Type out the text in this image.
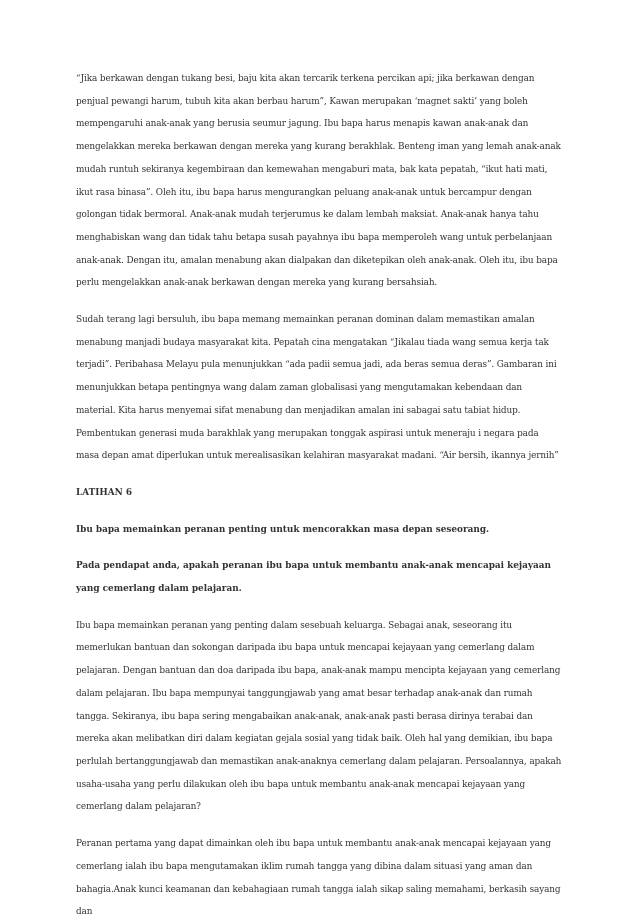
“Jika berkawan dengan tukang besi, baju kita akan tercarik terkena percikan api; jika berkawan dengan penjual pewangi harum, tubuh kita akan berbau harum”, Kawan merupakan ‘magnet sakti’ yang boleh mempengaruhi anak-anak yang berusia seumur jagung. Ibu bapa harus menapis kawan anak-anak dan mengelakkan mereka berkawan dengan mereka yang kurang berakhlak. Benteng iman yang lemah anak-anak mudah runtuh sekiranya kegembiraan dan kemewahan mengaburi mata, bak kata pepatah, “ikut hati mati, ikut rasa binasa”. Oleh itu, ibu bapa harus mengurangkan peluang anak-anak untuk bercampur dengan golongan tidak bermoral. Anak-anak mudah terjerumus ke dalam lembah maksiat. Anak-anak hanya tahu menghabiskan wang dan tidak tahu betapa susah payahnya ibu bapa memperoleh wang untuk perbelanjaan anak-anak. Dengan itu, amalan menabung akan dialpakan dan diketepikan oleh anak-anak. Oleh itu, ibu bapa perlu mengelakkan anak-anak berkawan dengan mereka yang kurang bersahsiah.

Sudah terang lagi bersuluh, ibu bapa memang memainkan peranan dominan dalam memastikan amalan menabung manjadi budaya masyarakat kita. Pepatah cina mengatakan “Jikalau tiada wang semua kerja tak terjadi”. Peribahasa Melayu pula menunjukkan “ada padii semua jadi, ada beras semua deras”. Gambaran ini menunjukkan betapa pentingnya wang dalam zaman globalisasi yang mengutamakan kebendaan dan material. Kita harus menyemai sifat menabung dan menjadikan amalan ini sabagai satu tabiat hidup. Pembentukan generasi muda barakhlak yang merupakan tonggak aspirasi untuk meneraju i negara pada masa depan amat diperlukan untuk merealisasikan kelahiran masyarakat madani. “Air bersih, ikannya jernih”

LATIHAN 6

Ibu bapa memainkan peranan penting untuk mencorakkan masa depan seseorang.

Pada pendapat anda, apakah peranan ibu bapa untuk membantu anak-anak mencapai kejayaan yang cemerlang dalam pelajaran.

Ibu bapa memainkan peranan yang penting dalam sesebuah keluarga. Sebagai anak, seseorang itu memerlukan bantuan dan sokongan daripada ibu bapa untuk mencapai kejayaan yang cemerlang dalam pelajaran. Dengan bantuan dan doa daripada ibu bapa, anak-anak mampu mencipta kejayaan yang cemerlang dalam pelajaran. Ibu bapa mempunyai tanggungjawab yang amat besar terhadap anak-anak dan rumah tangga. Sekiranya, ibu bapa sering mengabaikan anak-anak, anak-anak pasti berasa dirinya terabai dan mereka akan melibatkan diri dalam kegiatan gejala sosial yang tidak baik. Oleh hal yang demikian, ibu bapa perlulah bertanggungjawab dan memastikan anak-anaknya cemerlang dalam pelajaran. Persoalannya, apakah usaha-usaha yang perlu dilakukan oleh ibu bapa untuk membantu anak-anak mencapai kejayaan yang cemerlang dalam pelajaran?

Peranan pertama yang dapat dimainkan oleh ibu bapa untuk membantu anak-anak mencapai kejayaan yang cemerlang ialah ibu bapa mengutamakan iklim rumah tangga yang dibina dalam situasi yang aman dan bahagia.Anak kunci keamanan dan kebahagiaan rumah tangga ialah sikap saling memahami, berkasih sayang dan
